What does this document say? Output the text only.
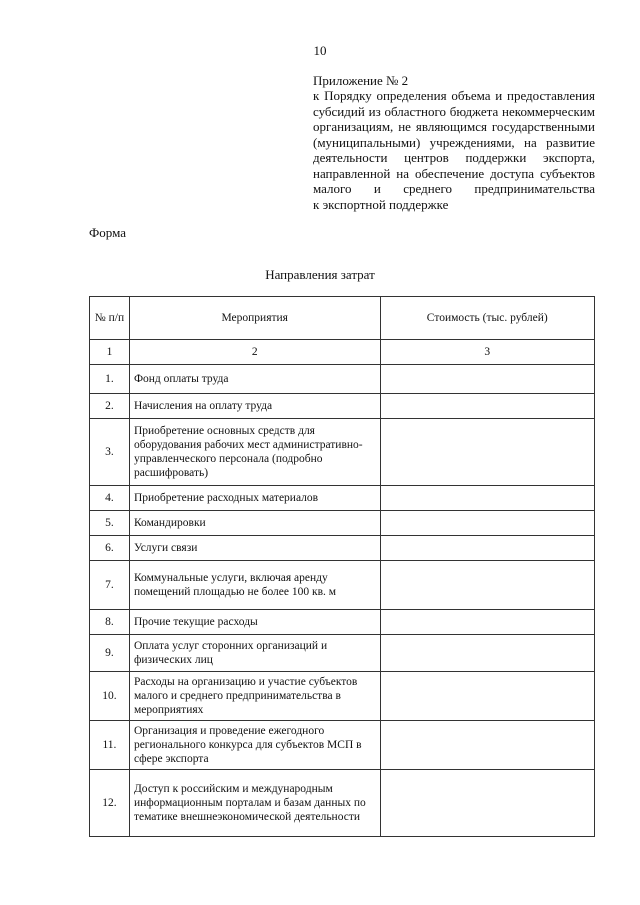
10
Приложение № 2
к Порядку определения объема и предоставления
субсидий из областного бюджета некоммерческим
организациям, не являющимся государственными
(муниципальными) учреждениями, на развитие
деятельности центров поддержки экспорта,
направленной на обеспечение доступа субъектов
малого и среднего предпринимательства
к экспортной поддержке
Форма
Направления затрат
№ п/п	Мероприятия	Стоимость (тыс. рублей)
1	2	3
1.	Фонд оплаты труда	
2.	Начисления на оплату труда	
3.	Приобретение основных средств для оборудования рабочих мест административно-управленческого персонала (подробно расшифровать)	
4.	Приобретение расходных материалов	
5.	Командировки	
6.	Услуги связи	
7.	Коммунальные услуги, включая аренду помещений площадью не более 100 кв. м	
8.	Прочие текущие расходы	
9.	Оплата услуг сторонних организаций и физических лиц	
10.	Расходы на организацию и участие субъектов малого и среднего предпринимательства в мероприятиях	
11.	Организация и проведение ежегодного регионального конкурса для субъектов МСП в сфере экспорта	
12.	Доступ к российским и международным информационным порталам и базам данных по тематике внешнеэкономической деятельности	
